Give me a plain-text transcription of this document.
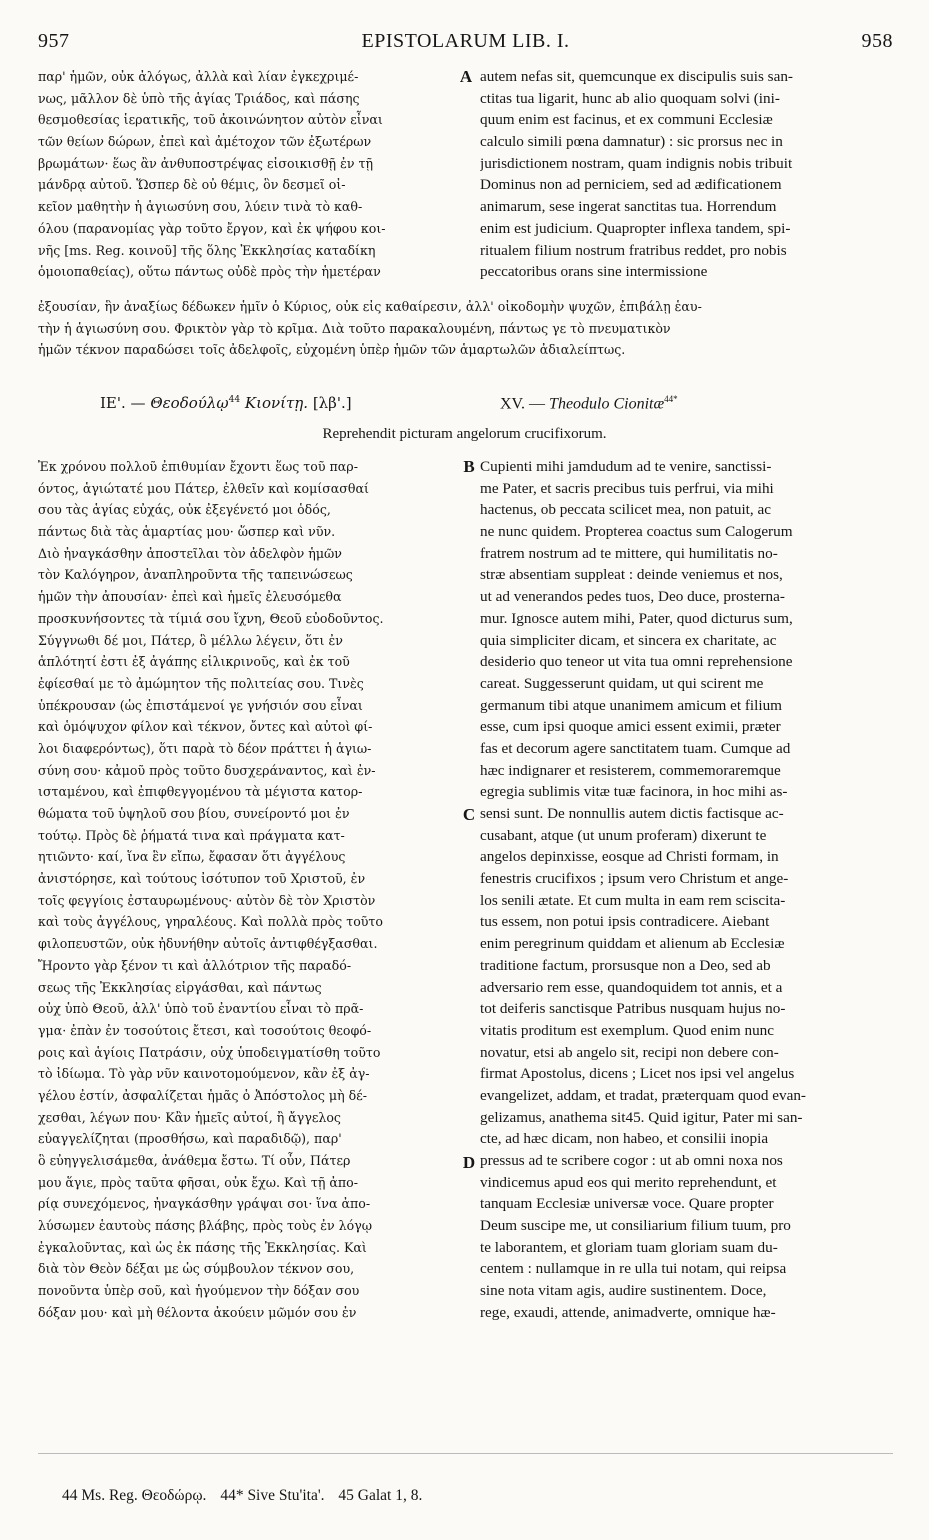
957	EPISTOLARUM LIB. I.	958
παρ' ἡμῶν, οὐκ ἀλόγως, ἀλλὰ καὶ λίαν ἐγκεχριμέ-
νως, μᾶλλον δὲ ὑπὸ τῆς ἁγίας Τριάδος, καὶ πάσης
θεσμοθεσίας ἱερατικῆς, τοῦ ἀκοινώνητον αὐτὸν εἶναι
τῶν θείων δώρων, ἐπεὶ καὶ ἀμέτοχον τῶν ἐξωτέρων
βρωμάτων· ἕως ἂν ἀνθυποστρέψας εἰσοικισθῇ ἐν τῇ
μάνδρᾳ αὐτοῦ. Ὥσπερ δὲ οὐ θέμις, ὃν δεσμεῖ οἰ-
κεῖον μαθητὴν ἡ ἁγιωσύνη σου, λύειν τινὰ τὸ καθ-
όλου (παρανομίας γὰρ τοῦτο ἔργον, καὶ ἐκ ψήφου κοι-
νῆς [ms. Reg. κοινοῦ] τῆς ὅλης Ἐκκλησίας καταδίκη
ὁμοιοπαθείας), οὕτω πάντως οὐδὲ πρὸς τὴν ἡμετέραν
A autem nefas sit, quemcunque ex discipulis suis san-
ctitas tua ligarit, hunc ab alio quoquam solvi (ini-
quum enim est facinus, et ex communi Ecclesiæ
calculo simili pœna damnatur) : sic prorsus nec in
jurisdictionem nostram, quam indignis nobis tribuit
Dominus non ad perniciem, sed ad ædificationem
animarum, sese ingerat sanctitas tua. Horrendum
enim est judicium. Quapropter inflexa tandem, spi-
ritualem filium nostrum fratribus reddet, pro nobis
peccatoribus orans sine intermissione
ἐξουσίαν, ἣν ἀναξίως δέδωκεν ἡμῖν ὁ Κύριος, οὐκ εἰς καθαίρεσιν, ἀλλ' οἰκοδομὴν ψυχῶν, ἐπιβάλῃ ἑαυ-
τὴν ἡ ἁγιωσύνη σου. Φρικτὸν γὰρ τὸ κρῖμα. Διὰ τοῦτο παρακαλουμένη, πάντως γε τὸ πνευματικὸν
ἡμῶν τέκνον παραδώσει τοῖς ἀδελφοῖς, εὐχομένη ὑπὲρ ἡμῶν τῶν ἁμαρτωλῶν ἀδιαλείπτως.
ΙΕ'. — Θεοδούλῳ$^{44}$ Κιονίτῃ. [λβ'.]	XV. — Theodulo Cionitæ$^{44*}$
Reprehendit picturam angelorum crucifixorum.
Ἐκ χρόνου πολλοῦ ἐπιθυμίαν ἔχοντι ἕως τοῦ παρ-
όντος, ἁγιώτατέ μου Πάτερ, ἐλθεῖν καὶ κομίσασθαί
σου τὰς ἁγίας εὐχάς, οὐκ ἐξεγένετό μοι ὁδός,
πάντως διὰ τὰς ἁμαρτίας μου· ὥσπερ καὶ νῦν.
Διὸ ἠναγκάσθην ἀποστεῖλαι τὸν ἀδελφὸν ἡμῶν
τὸν Καλόγηρον, ἀναπληροῦντα τῆς ταπεινώσεως
ἡμῶν τὴν ἀπουσίαν· ἐπεὶ καὶ ἡμεῖς ἐλευσόμεθα
προσκυνήσοντες τὰ τίμιά σου ἴχνη, Θεοῦ εὐοδοῦντος.
Σύγγνωθι δέ μοι, Πάτερ, ὃ μέλλω λέγειν, ὅτι ἐν
ἁπλότητί ἐστι ἐξ ἀγάπης εἰλικρινοῦς, καὶ ἐκ τοῦ
ἐφίεσθαί με τὸ ἀμώμητον τῆς πολιτείας σου. Τινὲς
ὑπέκρουσαν (ὡς ἐπιστάμενοί γε γνήσιόν σου εἶναι
καὶ ὁμόψυχον φίλον καὶ τέκνον, ὄντες καὶ αὐτοὶ φί-
λοι διαφερόντως), ὅτι παρὰ τὸ δέον πράττει ἡ ἁγιω-
σύνη σου· κἀμοῦ πρὸς τοῦτο δυσχεράναντος, καὶ ἐν-
ισταμένου, καὶ ἐπιφθεγγομένου τὰ μέγιστα κατορ-
θώματα τοῦ ὑψηλοῦ σου βίου, συνείροντό μοι ἐν
τούτῳ. Πρὸς δὲ ῥήματά τινα καὶ πράγματα κατ-
ητιῶντο· καί, ἵνα ἓν εἴπω, ἔφασαν ὅτι ἀγγέλους
ἀνιστόρησε, καὶ τούτους ἰσότυπον τοῦ Χριστοῦ, ἐν
τοῖς φεγγίοις ἐσταυρωμένους· αὐτὸν δὲ τὸν Χριστὸν
καὶ τοὺς ἀγγέλους, γηραλέους. Καὶ πολλὰ πρὸς τοῦτο
φιλοπευστῶν, οὐκ ἠδυνήθην αὐτοῖς ἀντιφθέγξασθαι.
Ἤροντο γὰρ ξένον τι καὶ ἀλλότριον τῆς παραδό-
σεως τῆς Ἐκκλησίας εἰργάσθαι, καὶ πάντως
οὐχ ὑπὸ Θεοῦ, ἀλλ' ὑπὸ τοῦ ἐναντίου εἶναι τὸ πρᾶ-
γμα· ἐπὰν ἐν τοσούτοις ἔτεσι, καὶ τοσούτοις θεοφό-
ροις καὶ ἁγίοις Πατράσιν, οὐχ ὑποδειγματίσθη τοῦτο
τὸ ἰδίωμα. Τὸ γὰρ νῦν καινοτομούμενον, κἂν ἐξ ἀγ-
γέλου ἐστίν, ἀσφαλίζεται ἡμᾶς ὁ Ἀπόστολος μὴ δέ-
χεσθαι, λέγων που· Κἂν ἡμεῖς αὐτοί, ἢ ἄγγελος
εὐαγγελίζηται (προσθήσω, καὶ παραδιδῷ), παρ'
ὃ εὐηγγελισάμεθα, ἀνάθεμα ἔστω. Τί οὖν, Πάτερ
μου ἅγιε, πρὸς ταῦτα φῆσαι, οὐκ ἔχω. Καὶ τῇ ἀπο-
ρίᾳ συνεχόμενος, ἠναγκάσθην γράψαι σοι· ἵνα ἀπο-
λύσωμεν ἑαυτοὺς πάσης βλάβης, πρὸς τοὺς ἐν λόγῳ
ἐγκαλοῦντας, καὶ ὡς ἐκ πάσης τῆς Ἐκκλησίας. Καὶ
διὰ τὸν Θεὸν δέξαι με ὡς σύμβουλον τέκνον σου,
πονοῦντα ὑπὲρ σοῦ, καὶ ἡγούμενον τὴν δόξαν σου
δόξαν μου· καὶ μὴ θέλοντα ἀκούειν μῶμόν σου ἐν
Cupienti mihi jamdudum ad te venire, sanctissi-
me Pater, et sacris precibus tuis perfrui, via mihi
hactenus, ob peccata scilicet mea, non patuit, ac
ne nunc quidem. Propterea coactus sum Calogerum
fratrem nostrum ad te mittere, qui humilitatis no-
stræ absentiam suppleat : deinde veniemus et nos,
ut ad venerandos pedes tuos, Deo duce, prosterna-
mur. Ignosce autem mihi, Pater, quod dicturus sum,
quia simpliciter dicam, et sincera ex charitate, ac
desiderio quo teneor ut vita tua omni reprehensione
careat. Suggesserunt quidam, ut qui scirent me
germanum tibi atque unanimem amicum et filium
esse, cum ipsi quoque amici essent eximii, præter
fas et decorum agere sanctitatem tuam. Cumque ad
hæc indignarer et resisterem, commemoraremque
egregia sublimis vitæ tuæ facinora, in hoc mihi as-
sensi sunt. De nonnullis autem dictis factisque ac-
cusabant, atque (ut unum proferam) dixerunt te
angelos depinxisse, eosque ad Christi formam, in
fenestris crucifixos ; ipsum vero Christum et ange-
los senili ætate. Et cum multa in eam rem sciscita-
tus essem, non potui ipsis contradicere. Aiebant
enim peregrinum quiddam et alienum ab Ecclesiæ
traditione factum, prorsusque non a Deo, sed ab
adversario rem esse, quandoquidem tot annis, et a
tot deiferis sanctisque Patribus nusquam hujus no-
vitatis proditum est exemplum. Quod enim nunc
novatur, etsi ab angelo sit, recipi non debere con-
firmat Apostolus, dicens ; Licet nos ipsi vel angelus
evangelizet, addam, et tradat, præterquam quod evan-
gelizamus, anathema sit45. Quid igitur, Pater mi san-
cte, ad hæc dicam, non habeo, et consilii inopia
pressus ad te scribere cogor : ut ab omni noxa nos
vindicemus apud eos qui merito reprehendunt, et
tanquam Ecclesiæ universæ voce. Quare propter
Deum suscipe me, ut consiliarium filium tuum, pro
te laborantem, et gloriam tuam gloriam suam du-
centem : nullamque in re ulla tui notam, qui reipsa
sine nota vitam agis, audire sustinentem. Doce,
rege, exaudi, attende, animadverte, omnique hæ-
B
C
D
44 Ms. Reg. Θεοδώρῳ. 44* Sive Stu'ita'. 45 Galat 1, 8.
